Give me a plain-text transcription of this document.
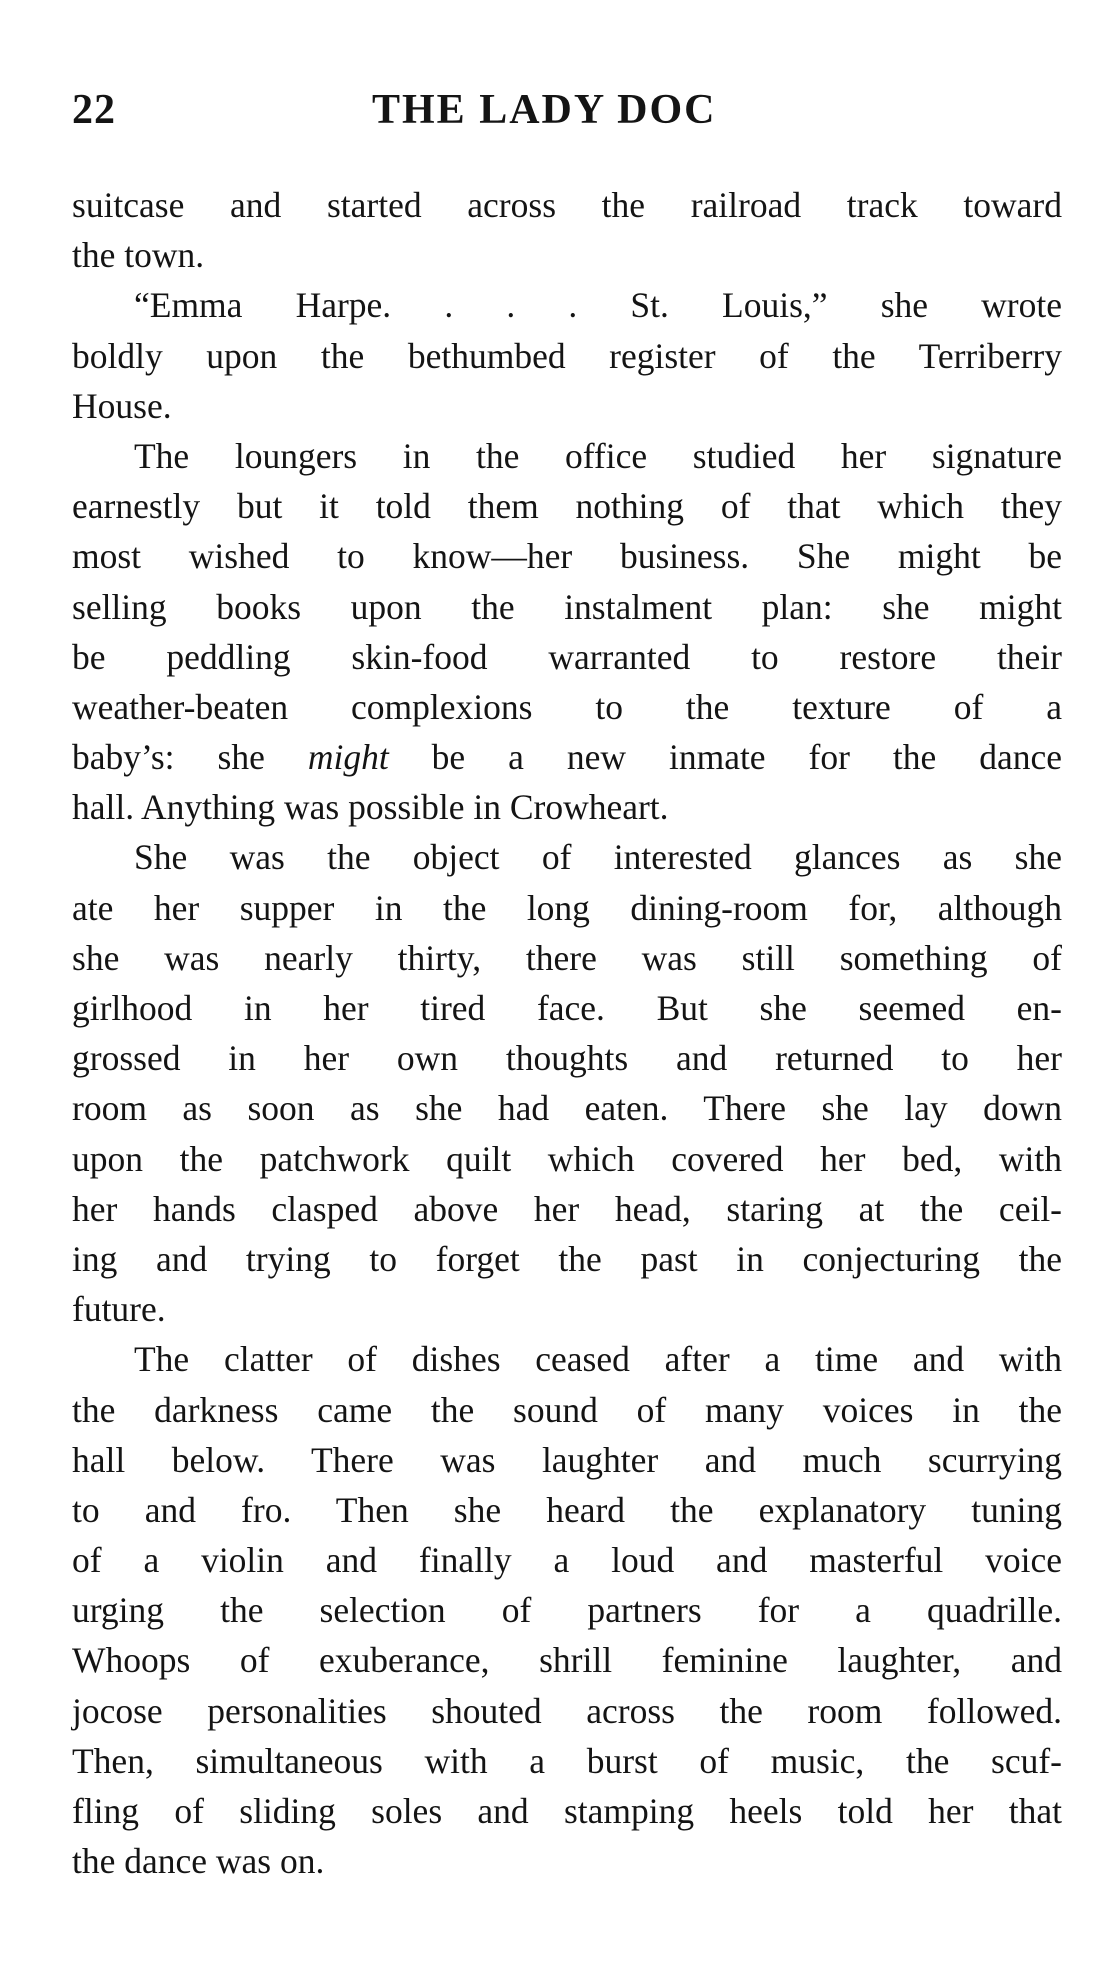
22	THE LADY DOC
suitcase and started across the railroad track toward
the town.
“Emma Harpe. . . . St. Louis,” she wrote
boldly upon the bethumbed register of the Terriberry
House.
The loungers in the office studied her signature
earnestly but it told them nothing of that which they
most wished to know—her business. She might be
selling books upon the instalment plan: she might
be peddling skin-food warranted to restore their
weather-beaten complexions to the texture of a
baby’s: she might be a new inmate for the dance
hall. Anything was possible in Crowheart.
She was the object of interested glances as she
ate her supper in the long dining-room for, although
she was nearly thirty, there was still something of
girlhood in her tired face. But she seemed en-
grossed in her own thoughts and returned to her
room as soon as she had eaten. There she lay down
upon the patchwork quilt which covered her bed, with
her hands clasped above her head, staring at the ceil-
ing and trying to forget the past in conjecturing the
future.
The clatter of dishes ceased after a time and with
the darkness came the sound of many voices in the
hall below. There was laughter and much scurrying
to and fro. Then she heard the explanatory tuning
of a violin and finally a loud and masterful voice
urging the selection of partners for a quadrille.
Whoops of exuberance, shrill feminine laughter, and
jocose personalities shouted across the room followed.
Then, simultaneous with a burst of music, the scuf-
fling of sliding soles and stamping heels told her that
the dance was on.
